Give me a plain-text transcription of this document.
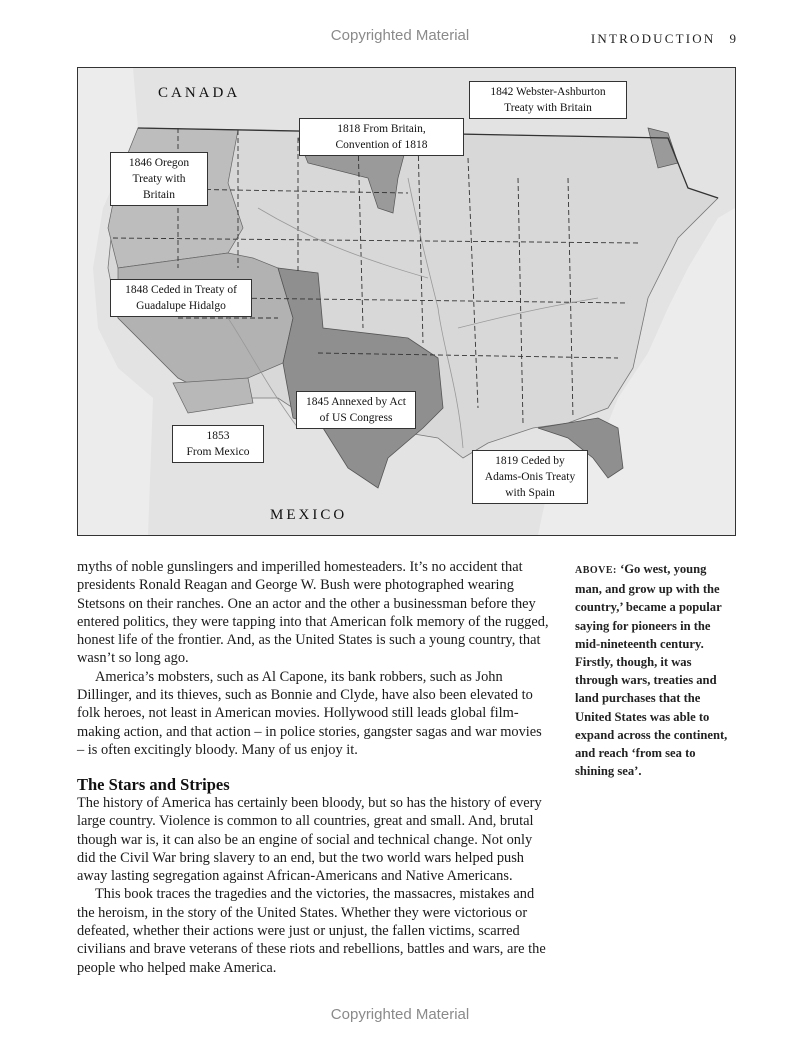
Copyrighted Material	INTRODUCTION 9
CANADA
MEXICO
1842 Webster-Ashburton
Treaty with Britain
1818 From Britain,
Convention of 1818
1846 Oregon
Treaty with
Britain
1848 Ceded in Treaty of
Guadalupe Hidalgo
1845 Annexed by Act
of US Congress
1853
From Mexico
1819 Ceded by
Adams-Onis Treaty
with Spain

myths of noble gunslingers and imperilled homesteaders. It’s no accident that presidents Ronald Reagan and George W. Bush were photographed wearing Stetsons on their ranches. One an actor and the other a businessman before they entered politics, they were tapping into that American folk memory of the rugged, honest life of the frontier. And, as the United States is such a young country, that wasn’t so long ago.

America’s mobsters, such as Al Capone, its bank robbers, such as John Dillinger, and its thieves, such as Bonnie and Clyde, have also been elevated to folk heroes, not least in American movies. Hollywood still leads global film-making action, and that action – in police stories, gangster sagas and war movies – is often excitingly bloody. Many of us enjoy it.

The Stars and Stripes

The history of America has certainly been bloody, but so has the history of every large country. Violence is common to all countries, great and small. And, brutal though war is, it can also be an engine of social and technical change. Not only did the Civil War bring slavery to an end, but the two world wars helped push away lasting segregation against African-Americans and Native Americans.

This book traces the tragedies and the victories, the massacres, mistakes and the heroism, in the story of the United States. Whether they were victorious or defeated, whether their actions were just or unjust, the fallen victims, scarred civilians and brave veterans of these riots and rebellions, battles and wars, are the people who helped make America.

ABOVE: ‘Go west, young man, and grow up with the country,’ became a popular saying for pioneers in the mid-nineteenth century. Firstly, though, it was through wars, treaties and land purchases that the United States was able to expand across the continent, and reach ‘from sea to shining sea’.
Copyrighted Material
